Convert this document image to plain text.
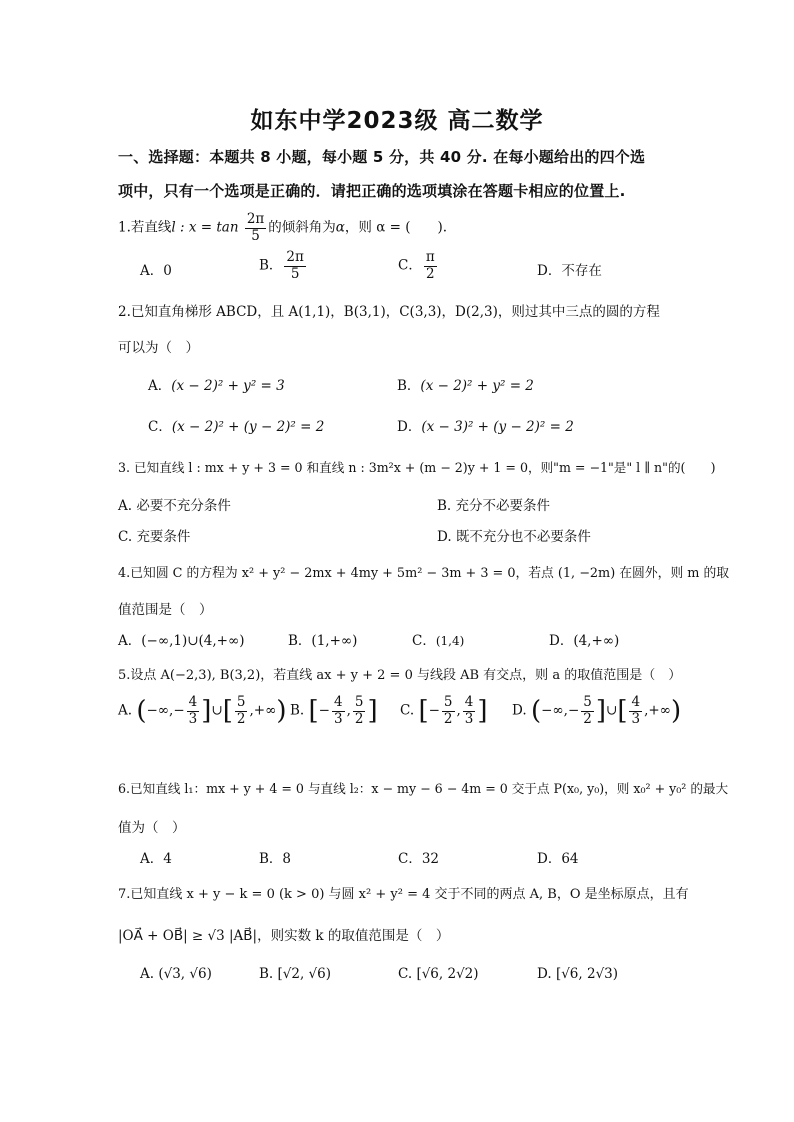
如东中学2023级 高二数学
一、选择题：本题共 8 小题，每小题 5 分，共 40 分. 在每小题给出的四个选
项中，只有一个选项是正确的．请把正确的选项填涂在答题卡相应的位置上.
1.若直线l : $x = \tan \frac{2\pi}{5}$ 的倾斜角为α，则 α = (　　).
A．0	B． $\frac{2\pi}{5}$	C． $\frac{\pi}{2}$	D．不存在
2.已知直角梯形 ABCD，且 A(1,1)，B(3,1)，C(3,3)，D(2,3)，则过其中三点的圆的方程
可以为（　）
A．(x − 2)² + y² = 3	B．(x − 2)² + y² = 2
C．(x − 2)² + (y − 2)² = 2	D．(x − 3)² + (y − 2)² = 2
3. 已知直线 l : mx + y + 3 = 0 和直线 n : 3m²x + (m − 2)y + 1 = 0，则"m = −1"是" l ∥ n"的(　　)
A. 必要不充分条件	B. 充分不必要条件
C. 充要条件	D. 既不充分也不必要条件
4.已知圆 C 的方程为 x² + y² − 2mx + 4my + 5m² − 3m + 3 = 0，若点 (1, −2m) 在圆外，则 m 的取
值范围是（　）
A．(−∞,1)∪(4,+∞)	B．(1,+∞)	C．(1,4)	D．(4,+∞)
5.设点 A(−2,3), B(3,2)，若直线 ax + y + 2 = 0 与线段 AB 有交点，则 a 的取值范围是（　）
A. (−∞,− $\frac{4}{3}$ ]∪[ $\frac{5}{2}$ ,+∞) B. [− $\frac{4}{3}$ , $\frac{5}{2}$ ] C. [− $\frac{5}{2}$ , $\frac{4}{3}$ ] D. (−∞,− $\frac{5}{2}$ ]∪[ $\frac{4}{3}$ ,+∞)
6.已知直线 l₁：mx + y + 4 = 0 与直线 l₂：x − my − 6 − 4m = 0 交于点 P(x₀, y₀)，则 x₀² + y₀² 的最大
值为（　）
A．4	B．8	C．32	D．64
7.已知直线 x + y − k = 0 (k > 0) 与圆 x² + y² = 4 交于不同的两点 A, B，O 是坐标原点，且有
|OA⃗ + OB⃗| ≥ √3 |AB⃗|，则实数 k 的取值范围是（　）
A. (√3, √6)	B. [√2, √6)	C. [√6, 2√2)	D. [√6, 2√3)
